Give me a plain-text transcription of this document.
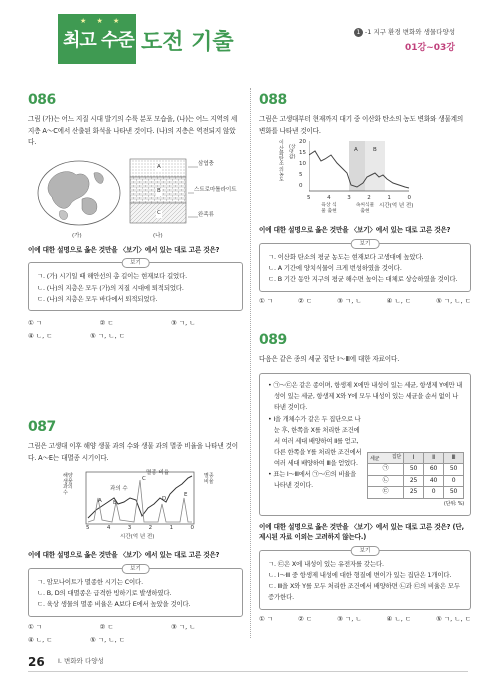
★ ★ ★
최고 수준 도전 기출	1 -1 지구 환경 변화와 생물다양성
01강~03강
086
그림 (가)는 어느 지질 시대 발기의 수륙 분포 모습을, (나)는 어느 지역의 세 지층 A～C에서 산출된 화석을 나타낸 것이다. (나)의 지층은 역전되지 않았다.
(가)
A
B
C
삼엽충
스트로마톨라이트
완족류
(나)
이에 대한 설명으로 옳은 것만을 〈보기〉에서 있는 대로 고른 것은?
보기

ㄱ. (가) 시기일 때 해안선의 총 길이는 현재보다 길었다.

ㄴ. (나)의 지층은 모두 (가)의 지질 시대에 퇴적되었다.

ㄷ. (나)의 지층은 모두 바다에서 퇴적되었다.

① ㄱ	② ㄷ	③ ㄱ, ㄴ
④ ㄴ, ㄷ	⑤ ㄱ, ㄴ, ㄷ
087
그림은 고생대 이후 해양 생물 과의 수와 생물 과의 멸종 비율을 나타낸 것이다. A～E는 대멸종 시기이다.
해양 생물 과의 수
멸종 비율
과의 수
멸종 비율
A B
C
D
E
5	4	3	2	1	0
시간(억 년 전)
이에 대한 설명으로 옳은 것만을 〈보기〉에서 있는 대로 고른 것은?
보기

ㄱ. 암모나이트가 멸종한 시기는 C이다.

ㄴ. B, D의 대멸종은 급격한 빙하기로 발생하였다.

ㄷ. 육상 생물의 멸종 비율은 A보다 E에서 높았을 것이다.

① ㄱ	② ㄷ	③ ㄱ, ㄴ
④ ㄴ, ㄷ	⑤ ㄱ, ㄴ, ㄷ
088
그림은 고생대부터 현재까지 대기 중 이산화 탄소의 농도 변화와 생물계의 변화를 나타낸 것이다.
이산화 탄소의 농도
(상댓값)
0
5
10
15
20
A	B
5	4	3	2	1	0
육상 식물 출현
속씨식물 출현
시간(억 년 전)
이에 대한 설명으로 옳은 것만을 〈보기〉에서 있는 대로 고른 것은?
보기

ㄱ. 이산화 탄소의 평균 농도는 현재보다 고생대에 높았다.

ㄴ. A 기간에 양치식물이 크게 번성하였을 것이다.

ㄷ. B 기간 동안 지구의 평균 해수면 높이는 대체로 상승하였을 것이다.

① ㄱ	② ㄷ	③ ㄱ, ㄴ	④ ㄴ, ㄷ	⑤ ㄱ, ㄴ, ㄷ
089
다음은 같은 종의 세균 집단 Ⅰ～Ⅲ에 대한 자료이다.
• ㉠～㉢은 같은 종이며, 항생제 X에만 내성이 있는 세균, 항생제 Y에만 내성이 있는 세균, 항생제 X와 Y에 모두 내성이 있는 세균을 순서 없이 나타낸 것이다.
• Ⅰ을 개체수가 같은 두 집단으로 나눈 후, 한쪽을 X를 처리한 조건에서 여러 세대 배양하여 Ⅱ를 얻고, 다른 한쪽을 Y를 처리한 조건에서 여러 세대 배양하여 Ⅲ을 얻었다.
• 표는 Ⅰ～Ⅲ에서 ㉠～㉢의 비율을 나타낸 것이다.
집단
세균	Ⅰ	Ⅱ	Ⅲ
㉠	50	60	50
㉡	25	40	0
㉢	25	0	50
(단위: %)
이에 대한 설명으로 옳은 것만을 〈보기〉에서 있는 대로 고른 것은? (단, 제시된 자료 이외는 고려하지 않는다.)
보기

ㄱ. ㉢은 X에 내성이 있는 유전자를 갖는다.

ㄴ. Ⅰ～Ⅲ 중 항생제 내성에 대한 형질에 변이가 있는 집단은 1개이다.

ㄷ. Ⅲ을 X와 Y를 모두 처리한 조건에서 배양하면 ㉡과 ㉢의 비율은 모두 증가한다.

① ㄱ	② ㄷ	③ ㄱ, ㄴ	④ ㄴ, ㄷ	⑤ ㄱ, ㄴ, ㄷ
26 Ⅰ. 변화와 다양성
